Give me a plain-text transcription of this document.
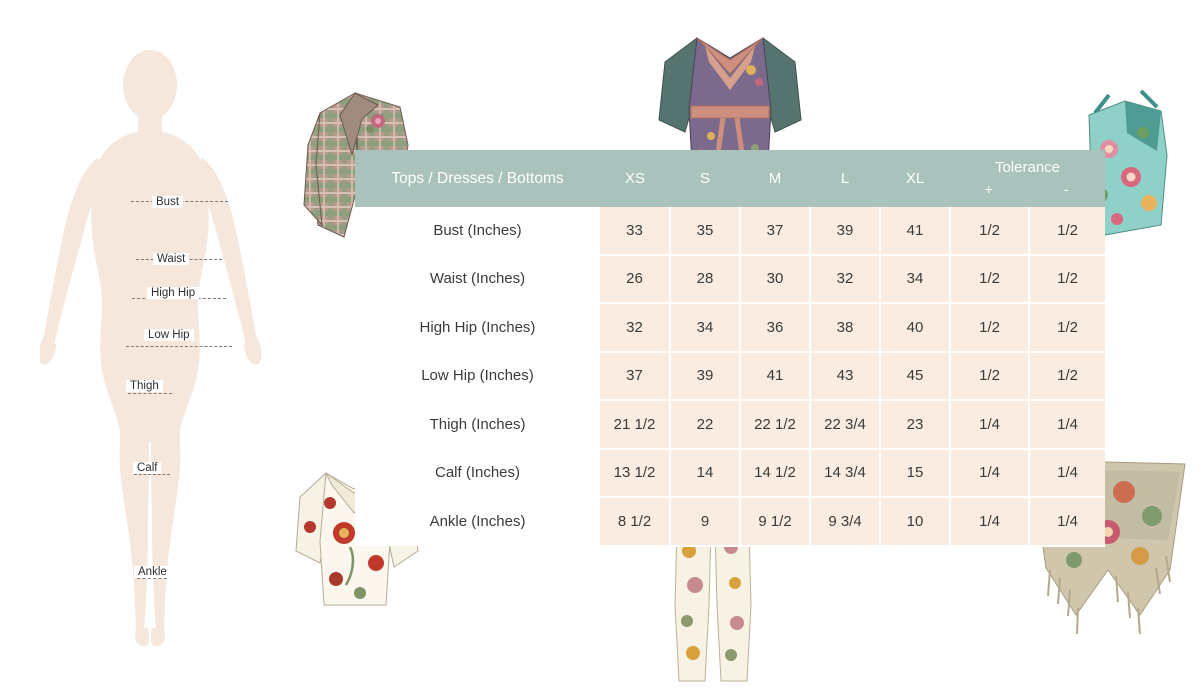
Bust
Waist
High Hip
Low Hip
Thigh
Calf
Ankle
Tops / Dresses / Bottoms	XS	S	M	L	XL	Tolerance
+ -	

Bust (Inches)	33	35	37	39	41	1/2	1/2
Waist (Inches)	26	28	30	32	34	1/2	1/2
High Hip (Inches)	32	34	36	38	40	1/2	1/2
Low Hip (Inches)	37	39	41	43	45	1/2	1/2
Thigh (Inches)	21 1/2	22	22 1/2	22 3/4	23	1/4	1/4
Calf (Inches)	13 1/2	14	14 1/2	14 3/4	15	1/4	1/4
Ankle (Inches)	8 1/2	9	9 1/2	9 3/4	10	1/4	1/4
